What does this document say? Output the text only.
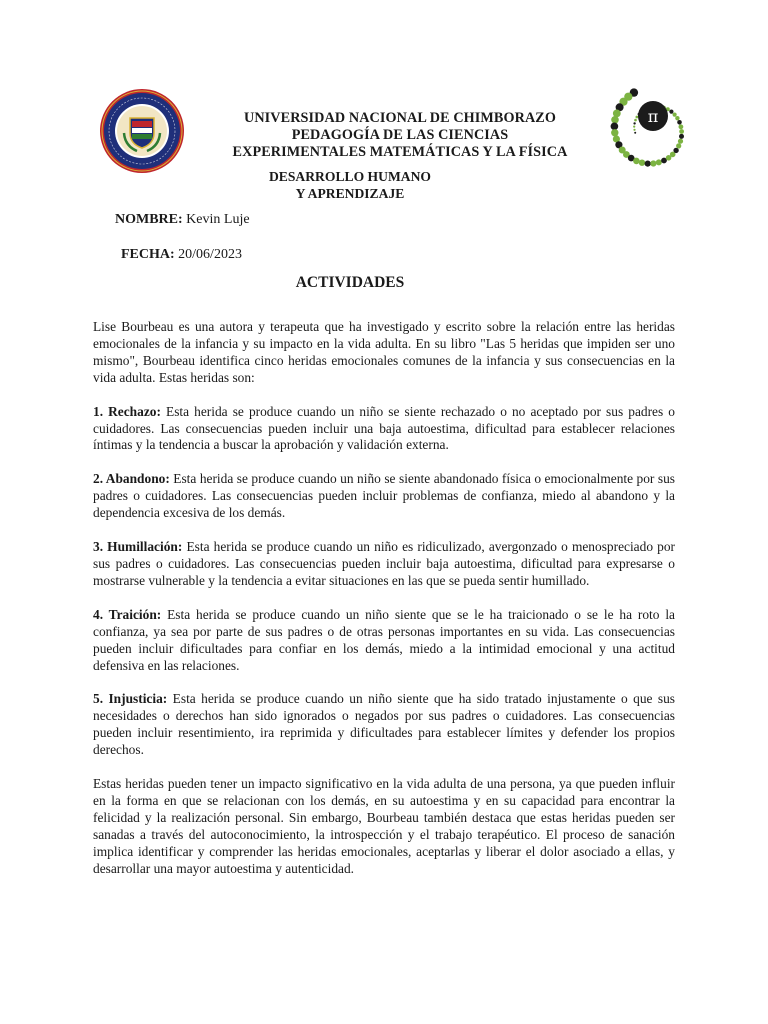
UNIVERSIDAD NACIONAL DE CHIMBORAZO
PEDAGOGÍA DE LAS CIENCIAS
EXPERIMENTALES MATEMÁTICAS Y LA FÍSICA
π
DESARROLLO HUMANO
Y APRENDIZAJE
NOMBRE: Kevin Luje
FECHA: 20/06/2023
ACTIVIDADES

Lise Bourbeau es una autora y terapeuta que ha investigado y escrito sobre la relación entre las heridas emocionales de la infancia y su impacto en la vida adulta. En su libro "Las 5 heridas que impiden ser uno mismo", Bourbeau identifica cinco heridas emocionales comunes de la infancia y sus consecuencias en la vida adulta. Estas heridas son:

1. Rechazo: Esta herida se produce cuando un niño se siente rechazado o no aceptado por sus padres o cuidadores. Las consecuencias pueden incluir una baja autoestima, dificultad para establecer relaciones íntimas y la tendencia a buscar la aprobación y validación externa.

2. Abandono: Esta herida se produce cuando un niño se siente abandonado física o emocionalmente por sus padres o cuidadores. Las consecuencias pueden incluir problemas de confianza, miedo al abandono y la dependencia excesiva de los demás.

3. Humillación: Esta herida se produce cuando un niño es ridiculizado, avergonzado o menospreciado por sus padres o cuidadores. Las consecuencias pueden incluir baja autoestima, dificultad para expresarse o mostrarse vulnerable y la tendencia a evitar situaciones en las que se pueda sentir humillado.

4. Traición: Esta herida se produce cuando un niño siente que se le ha traicionado o se le ha roto la confianza, ya sea por parte de sus padres o de otras personas importantes en su vida. Las consecuencias pueden incluir dificultades para confiar en los demás, miedo a la intimidad emocional y una actitud defensiva en las relaciones.

5. Injusticia: Esta herida se produce cuando un niño siente que ha sido tratado injustamente o que sus necesidades o derechos han sido ignorados o negados por sus padres o cuidadores. Las consecuencias pueden incluir resentimiento, ira reprimida y dificultades para establecer límites y defender los propios derechos.

Estas heridas pueden tener un impacto significativo en la vida adulta de una persona, ya que pueden influir en la forma en que se relacionan con los demás, en su autoestima y en su capacidad para encontrar la felicidad y la realización personal. Sin embargo, Bourbeau también destaca que estas heridas pueden ser sanadas a través del autoconocimiento, la introspección y el trabajo terapéutico. El proceso de sanación implica identificar y comprender las heridas emocionales, aceptarlas y liberar el dolor asociado a ellas, y desarrollar una mayor autoestima y autenticidad.
